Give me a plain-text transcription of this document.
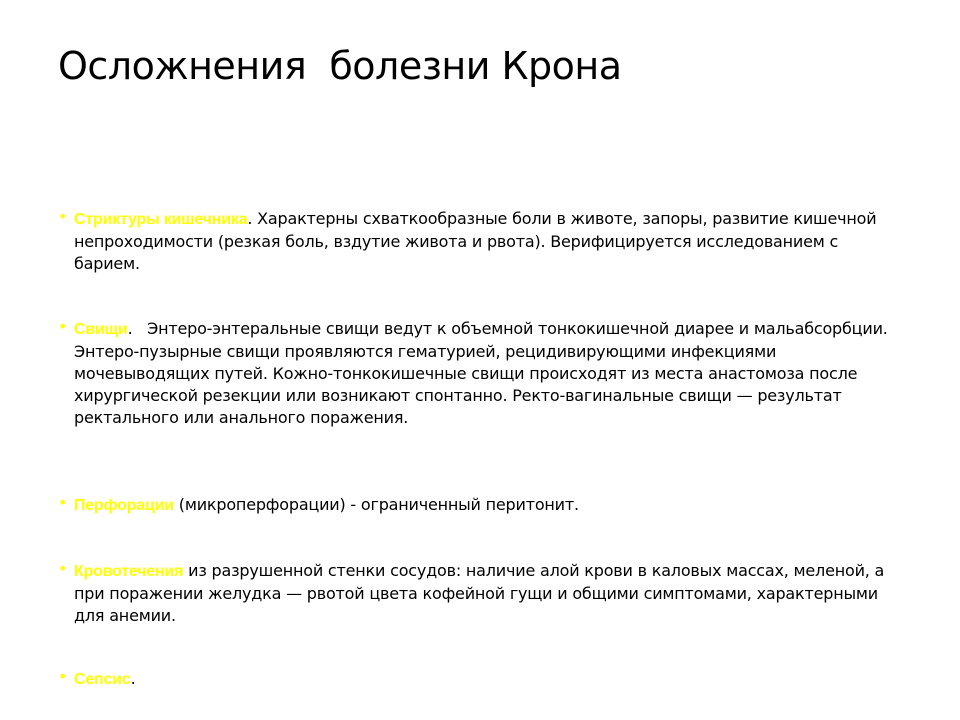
Осложнения  болезни Крона
• Стриктуры кишечника. Характерны схваткообразные боли в животе, запоры, развитие кишечной непроходимости (резкая боль, вздутие живота и рвота). Верифицируется исследованием с барием.
• Свищи.   Энтеро-энтеральные свищи ведут к объемной тонкокишечной диарее и мальабсорбции. Энтеро-пузырные свищи проявляются гематурией, рецидивирующими инфекциями мочевыводящих путей. Кожно-тонкокишечные свищи происходят из места анастомоза после хирургической резекции или возникают спонтанно. Ректо-вагинальные свищи — результат ректального или анального поражения.
• Перфорации (микроперфорации) - ограниченный перитонит.
• Кровотечения из разрушенной стенки сосудов: наличие алой крови в каловых массах, меленой, а при поражении желудка — рвотой цвета кофейной гущи и общими симптомами, характерными для анемии.
• Сепсис.
